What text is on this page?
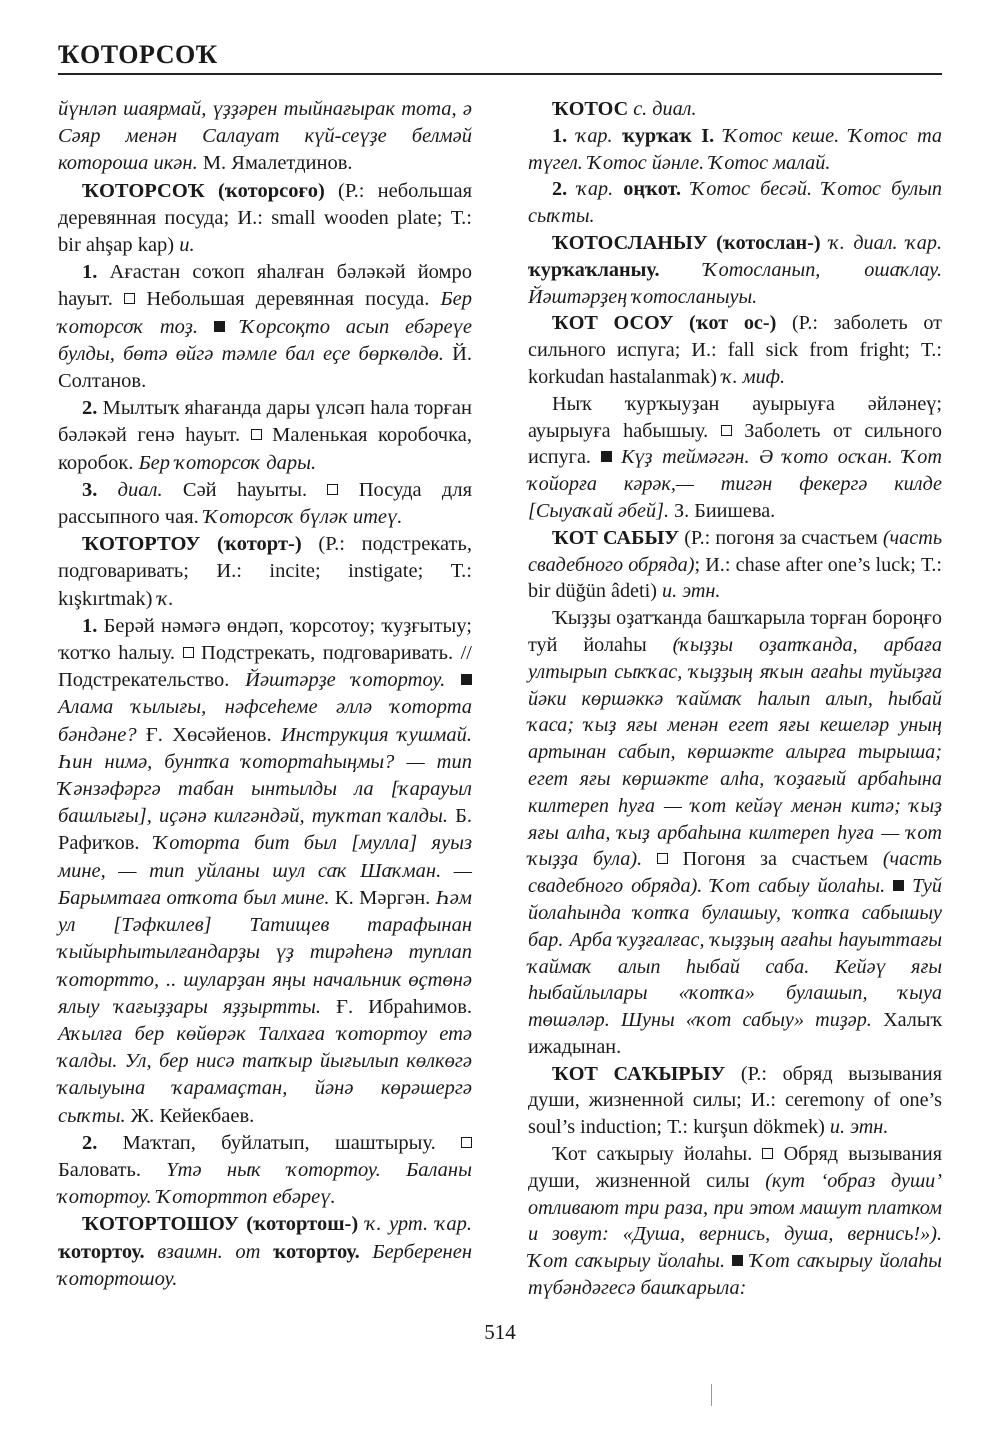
ҠОТОРСОҠ

йүнлəп шаярмай, үҙҙəрен тыйнағырак тота, ə Сəяр менəн Салауат күй-сеүҙе белмəй котороша икəн. М. Ямалетдинов.

ҠОТОРСОҠ (ҡоторсоғо) (Р.: небольшая деревянная посуда; И.: small wooden plate; Т.: bir ahşap kap) и.

1. Ағастан соҡоп яһалған бəлəкəй йомро һауыт.  Небольшая деревянная посуда. Бер ҡоторсоҡ тоҙ.  Ҡорсоқто асып ебəреүе булды, бөтə өйгə тəмле бал еҫе бөркөлдө. Й. Солтанов.

2. Мылтыҡ яһағанда дары үлсəп һала торған бəлəкəй генə һауыт.  Маленькая коробочка, коробок. Бер ҡоторсоҡ дары.

3. диал. Сəй һауыты.  Посуда для рассыпного чая. Ҡоторсоҡ бүлəк итеү.

ҠОТОРТОУ (ҡоторт-) (Р.: подстрекать, подговаривать; И.: incite; instigate; Т.: kışkırtmak) ҡ.

1. Берəй нəмəгə өндəп, ҡорсотоу; ҡуҙғытыу; ҡотҡо һалыу.  Подстрекать, подговаривать. // Подстрекательство. Йəштəрҙе ҡотортоу.  Алама ҡылығы, нəфсеһеме əллə ҡоторта бəндəне? Ғ. Хөсəйенов. Инструкция ҡушмай. Һин нимə, бунтҡа ҡотортаһыңмы? — тип Ҡəнзəфəргə табан ынтылды ла [ҡарауыл башлығы], иҫəнə килгəндəй, туҡтап ҡалды. Б. Рафиҡов. Ҡоторта бит был [мулла] яуыз мине, — тип уйланы шул саҡ Шаҡман. — Барымтаға отҡота был мине. К. Мəргəн. Һəм ул [Тəфкилев] Татищев тарафынан ҡыйырһытылғандарҙы үҙ тирəһенə туплап ҡотортто, .. шуларҙан яңы начальник өҫтөнə ялыу ҡағыҙҙары яҙҙыртты. Ғ. Ибраһимов. Аҡылға бер көйөрəк Талхаға ҡотортоу етə ҡалды. Ул, бер нисə тапҡыр йығылып көлкөгə ҡалыуына ҡарамаҫтан, йəнə көрəшергə сыҡты. Ж. Кейекбаев.

2. Маҡтап, буйлатып, шаштырыу.  Баловать. Үтə ныҡ ҡотортоу. Баланы ҡотортоу. Ҡоторттоп ебəреү.

ҠОТОРТОШОУ (ҡотортош-) ҡ. урт. ҡар. ҡотортоу. взаимн. от ҡотортоу. Берберенен ҡотортошоу.

ҠОТОС с. диал.

1. ҡар. ҡурҡаҡ I. Ҡотос кеше. Ҡотос та түгел. Ҡотос йəнле. Ҡотос малай.

2. ҡар. оңҡот. Ҡотос бесəй. Ҡотос булып сыҡты.

ҠОТОСЛАНЫУ (ҡотослан-) ҡ. диал. ҡар. ҡурҡаҡланыу. Ҡотосланып, ошаҡлау. Йəштəрҙең ҡотосланыуы.

ҠОТ ОСОУ (ҡот ос-) (Р.: заболеть от сильного испуга; И.: fall sick from fright; Т.: korkudan hastalanmak) ҡ. миф.

Ныҡ ҡурҡыуҙан ауырыуға əйлəнеү; ауырыуға һабышыу.  Заболеть от сильного испуга.  Күҙ теймəгəн. Ə ҡото осҡан. Ҡот ҡойорға кəрəк,— тигəн фекергə килде [Сыуаҡай əбей]. З. Биишева.

ҠОТ САБЫУ (Р.: погоня за счастьем (часть свадебного обряда); И.: chase after one’s luck; Т.: bir düğün âdeti) и. этн.

Ҡыҙҙы оҙатҡанда башҡарыла торған бороңғо туй йолаһы (ҡыҙҙы оҙатҡанда, арбаға ултырып сыҡҡас, ҡыҙҙың яҡын ағаһы туйыҙға йəки көршəккə ҡаймаҡ һалып алып, һыбай ҡаса; ҡыҙ яғы менəн егет яғы кешелəр уның артынан сабып, көршəкте алырға тырыша; егет яғы көршəкте алһа, ҡоҙағый арбаһына килтереп һуға — ҡот кейəү менəн китə; ҡыҙ яғы алһа, ҡыҙ арбаһына килтереп һуға — ҡот ҡыҙҙа була).  Погоня за счастьем (часть свадебного обряда). Ҡот сабыу йолаһы.  Туй йолаһында ҡотҡа булашыу, ҡотҡа сабышыу бар. Арба ҡуҙғалғас, ҡыҙҙың ағаһы һауыттағы ҡаймаҡ алып һыбай саба. Кейəү яғы һыбайлылары «ҡотҡа» булашып, ҡыуа төшəлəр. Шуны «ҡот сабыу» тиҙəр. Халыҡ ижадынан.

ҠОТ САҠЫРЫУ (Р.: обряд вызывания души, жизненной силы; И.: ceremony of one’s soul’s induction; Т.: kurşun dökmek) и. этн.

Ҡот саҡырыу йолаһы.  Обряд вызывания души, жизненной силы (кут ‘образ души’ отливают три раза, при этом машут платком и зовут: «Душа, вернись, душа, вернись!»). Ҡот саҡырыу йолаһы.  Ҡот саҡырыу йолаһы түбəндəгесə башҡарыла:

514
